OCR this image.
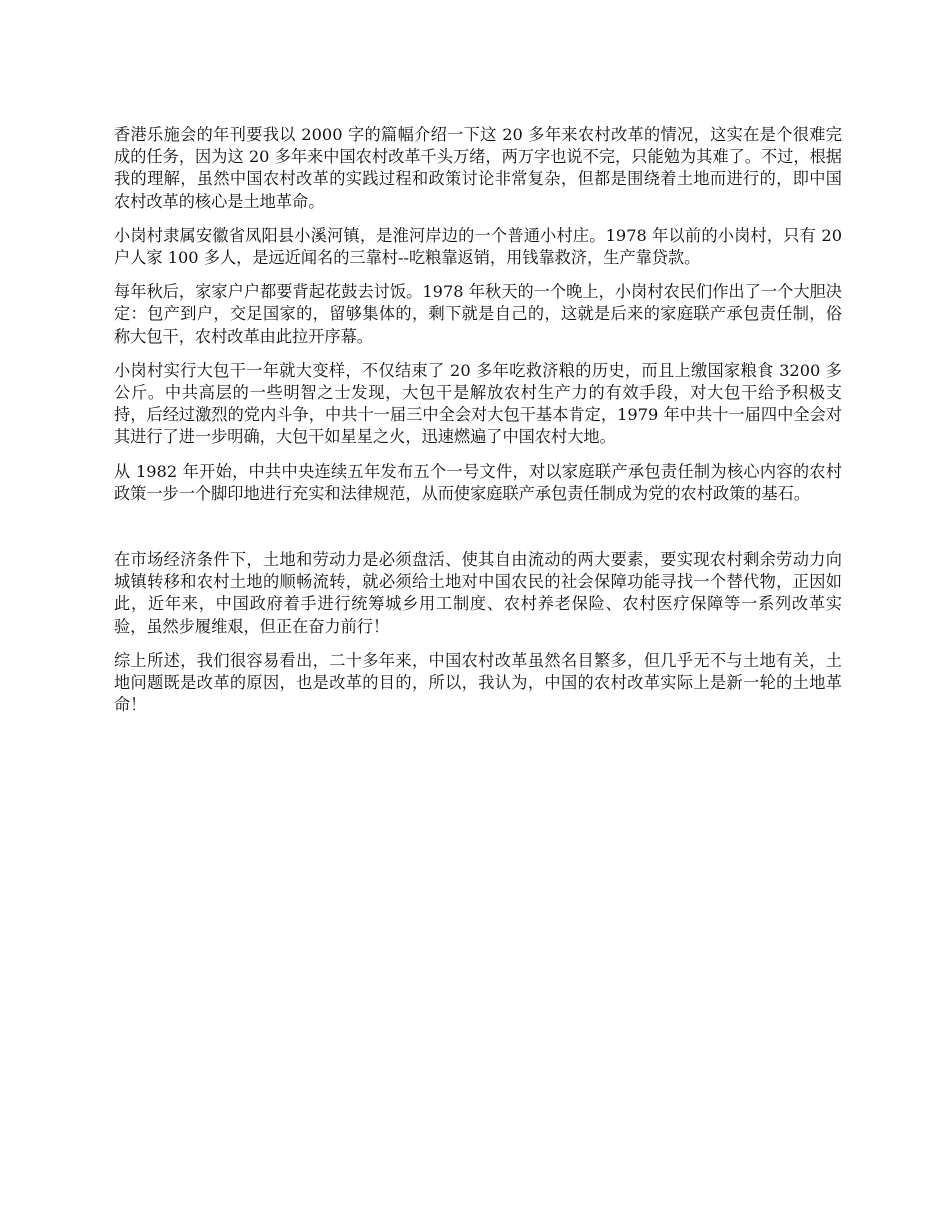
香港乐施会的年刊要我以 2000 字的篇幅介绍一下这 20 多年来农村改革的情况，这实在是个很难完成的任务，因为这 20 多年来中国农村改革千头万绪，两万字也说不完，只能勉为其难了。不过，根据我的理解，虽然中国农村改革的实践过程和政策讨论非常复杂，但都是围绕着土地而进行的，即中国农村改革的核心是土地革命。

小岗村隶属安徽省凤阳县小溪河镇，是淮河岸边的一个普通小村庄。1978 年以前的小岗村，只有 20 户人家 100 多人，是远近闻名的三靠村--吃粮靠返销，用钱靠救济，生产靠贷款。

每年秋后，家家户户都要背起花鼓去讨饭。1978 年秋天的一个晚上，小岗村农民们作出了一个大胆决定：包产到户，交足国家的，留够集体的，剩下就是自己的，这就是后来的家庭联产承包责任制，俗称大包干，农村改革由此拉开序幕。

小岗村实行大包干一年就大变样，不仅结束了 20 多年吃救济粮的历史，而且上缴国家粮食 3200 多公斤。中共高层的一些明智之士发现，大包干是解放农村生产力的有效手段，对大包干给予积极支持，后经过激烈的党内斗争，中共十一届三中全会对大包干基本肯定，1979 年中共十一届四中全会对其进行了进一步明确，大包干如星星之火，迅速燃遍了中国农村大地。

从 1982 年开始，中共中央连续五年发布五个一号文件，对以家庭联产承包责任制为核心内容的农村政策一步一个脚印地进行充实和法律规范，从而使家庭联产承包责任制成为党的农村政策的基石。

在市场经济条件下，土地和劳动力是必须盘活、使其自由流动的两大要素，要实现农村剩余劳动力向城镇转移和农村土地的顺畅流转，就必须给土地对中国农民的社会保障功能寻找一个替代物，正因如此，近年来，中国政府着手进行统筹城乡用工制度、农村养老保险、农村医疗保障等一系列改革实验，虽然步履维艰，但正在奋力前行！

综上所述，我们很容易看出，二十多年来，中国农村改革虽然名目繁多，但几乎无不与土地有关，土地问题既是改革的原因，也是改革的目的，所以，我认为，中国的农村改革实际上是新一轮的土地革命！
